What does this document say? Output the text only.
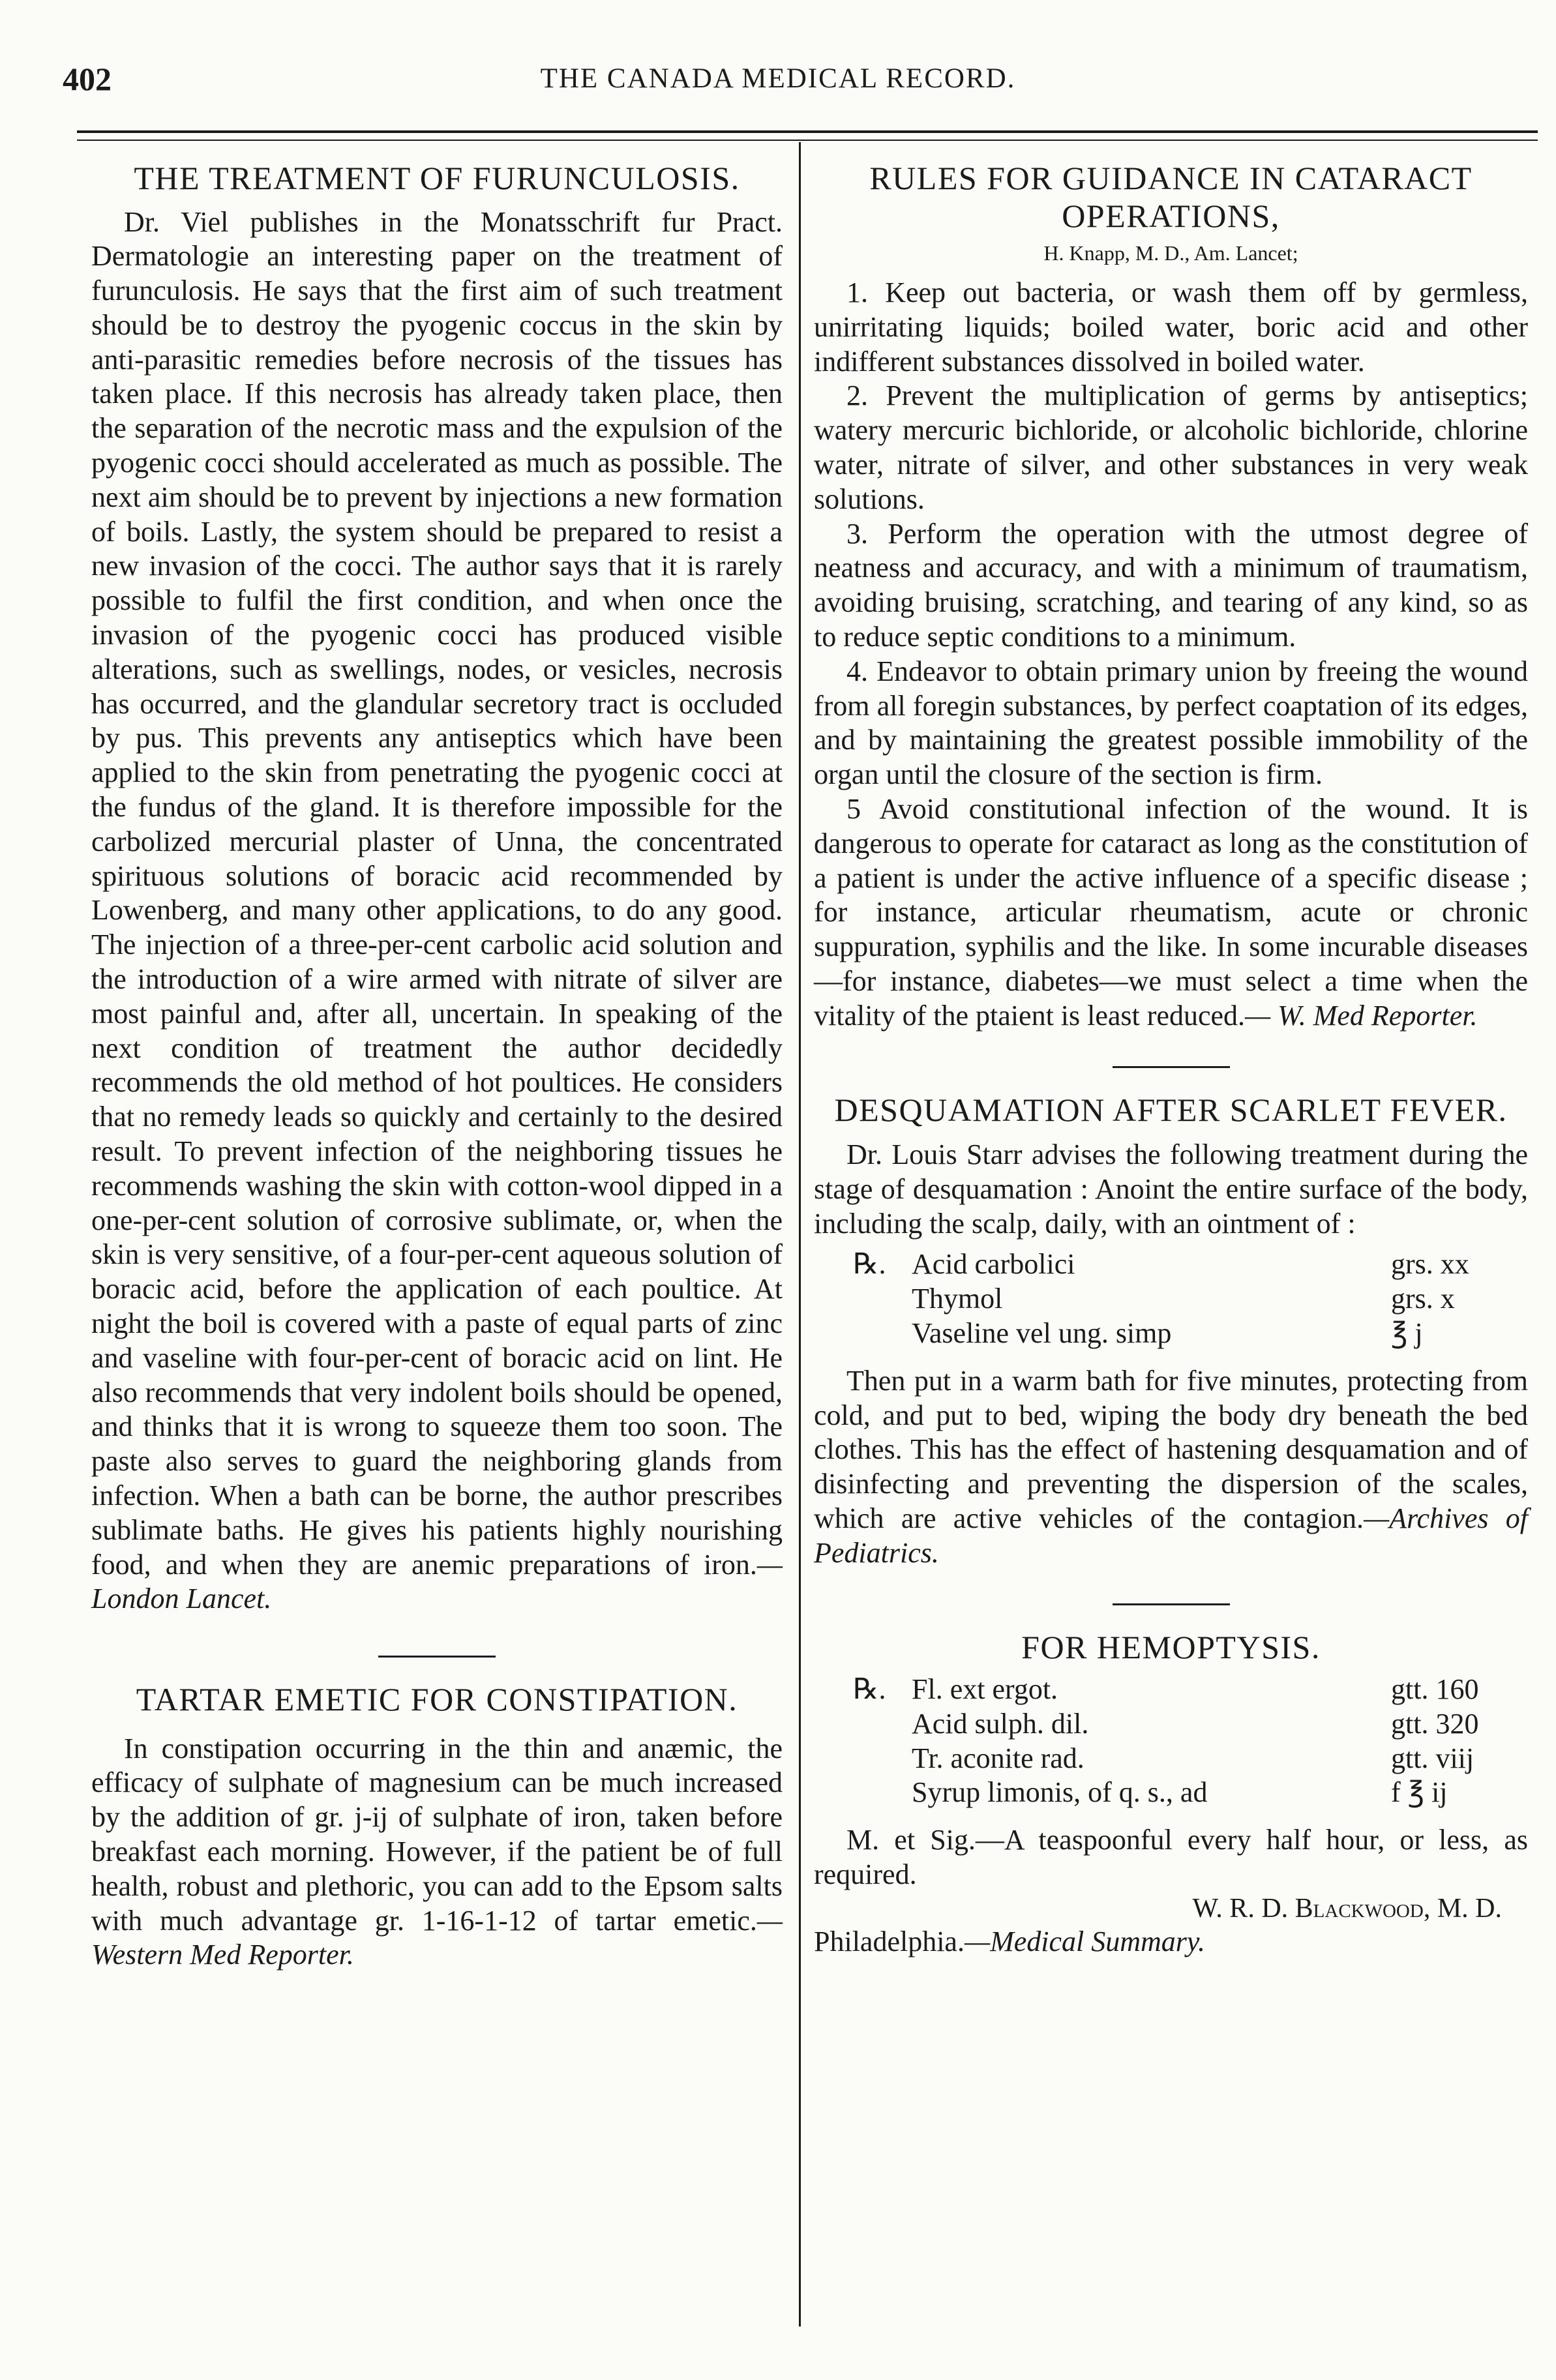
402	THE CANADA MEDICAL RECORD.
THE TREATMENT OF FURUNCULOSIS.

Dr. Viel publishes in the Monatsschrift fur Pract. Dermatologie an interesting paper on the treatment of furunculosis. He says that the first aim of such treatment should be to destroy the pyogenic coccus in the skin by anti-parasitic remedies before necrosis of the tissues has taken place. If this necrosis has already taken place, then the separation of the necrotic mass and the expulsion of the pyogenic cocci should accelerated as much as possible. The next aim should be to prevent by injections a new formation of boils. Lastly, the system should be prepared to resist a new invasion of the cocci. The author says that it is rarely possible to fulfil the first condition, and when once the invasion of the pyogenic cocci has produced visible alterations, such as swellings, nodes, or vesicles, necrosis has occurred, and the glandular secretory tract is occluded by pus. This prevents any antiseptics which have been applied to the skin from penetrating the pyogenic cocci at the fundus of the gland. It is therefore impossible for the carbolized mercurial plaster of Unna, the concentrated spirituous solutions of boracic acid recommended by Lowenberg, and many other applications, to do any good. The injection of a three-per-cent carbolic acid solution and the introduction of a wire armed with nitrate of silver are most painful and, after all, uncertain. In speaking of the next condition of treatment the author decidedly recommends the old method of hot poultices. He considers that no remedy leads so quickly and certainly to the desired result. To prevent infection of the neighboring tissues he recommends washing the skin with cotton-wool dipped in a one-per-cent solution of corrosive sublimate, or, when the skin is very sensitive, of a four-per-cent aqueous solution of boracic acid, before the application of each poultice. At night the boil is covered with a paste of equal parts of zinc and vaseline with four-per-cent of boracic acid on lint. He also recommends that very indolent boils should be opened, and thinks that it is wrong to squeeze them too soon. The paste also serves to guard the neighboring glands from infection. When a bath can be borne, the author prescribes sublimate baths. He gives his patients highly nourishing food, and when they are anemic preparations of iron.—London Lancet.

TARTAR EMETIC FOR CONSTIPATION.

In constipation occurring in the thin and anæmic, the efficacy of sulphate of magnesium can be much increased by the addition of gr. j-ij of sulphate of iron, taken before breakfast each morning. However, if the patient be of full health, robust and plethoric, you can add to the Epsom salts with much advantage gr. 1-16-1-12 of tartar emetic.—Western Med Reporter.

RULES FOR GUIDANCE IN CATARACT OPERATIONS,
H. Knapp, M. D., Am. Lancet;

1. Keep out bacteria, or wash them off by germless, unirritating liquids; boiled water, boric acid and other indifferent substances dissolved in boiled water.

2. Prevent the multiplication of germs by antiseptics; watery mercuric bichloride, or alcoholic bichloride, chlorine water, nitrate of silver, and other substances in very weak solutions.

3. Perform the operation with the utmost degree of neatness and accuracy, and with a minimum of traumatism, avoiding bruising, scratching, and tearing of any kind, so as to reduce septic conditions to a minimum.

4. Endeavor to obtain primary union by freeing the wound from all foregin substances, by perfect coaptation of its edges, and by maintaining the greatest possible immobility of the organ until the closure of the section is firm.

5 Avoid constitutional infection of the wound. It is dangerous to operate for cataract as long as the constitution of a patient is under the active influence of a specific disease ; for instance, articular rheumatism, acute or chronic suppuration, syphilis and the like. In some incurable diseases—for instance, diabetes—we must select a time when the vitality of the ptaient is least reduced.— W. Med Reporter.

DESQUAMATION AFTER SCARLET FEVER.

Dr. Louis Starr advises the following treatment during the stage of desquamation : Anoint the entire surface of the body, including the scalp, daily, with an ointment of :

℞. Acid carbolici	grs. xx
Thymol	grs. x
Vaseline vel ung. simp	℥ j

Then put in a warm bath for five minutes, protecting from cold, and put to bed, wiping the body dry beneath the bed clothes. This has the effect of hastening desquamation and of disinfecting and preventing the dispersion of the scales, which are active vehicles of the contagion.—Archives of Pediatrics.

FOR HEMOPTYSIS.
℞. Fl. ext ergot.	gtt. 160
Acid sulph. dil.	gtt. 320
Tr. aconite rad.	gtt. viij
Syrup limonis, of q. s., ad	f ℥ ij

M. et Sig.—A teaspoonful every half hour, or less, as required.

W. R. D. Blackwood, M. D.

Philadelphia.—Medical Summary.
